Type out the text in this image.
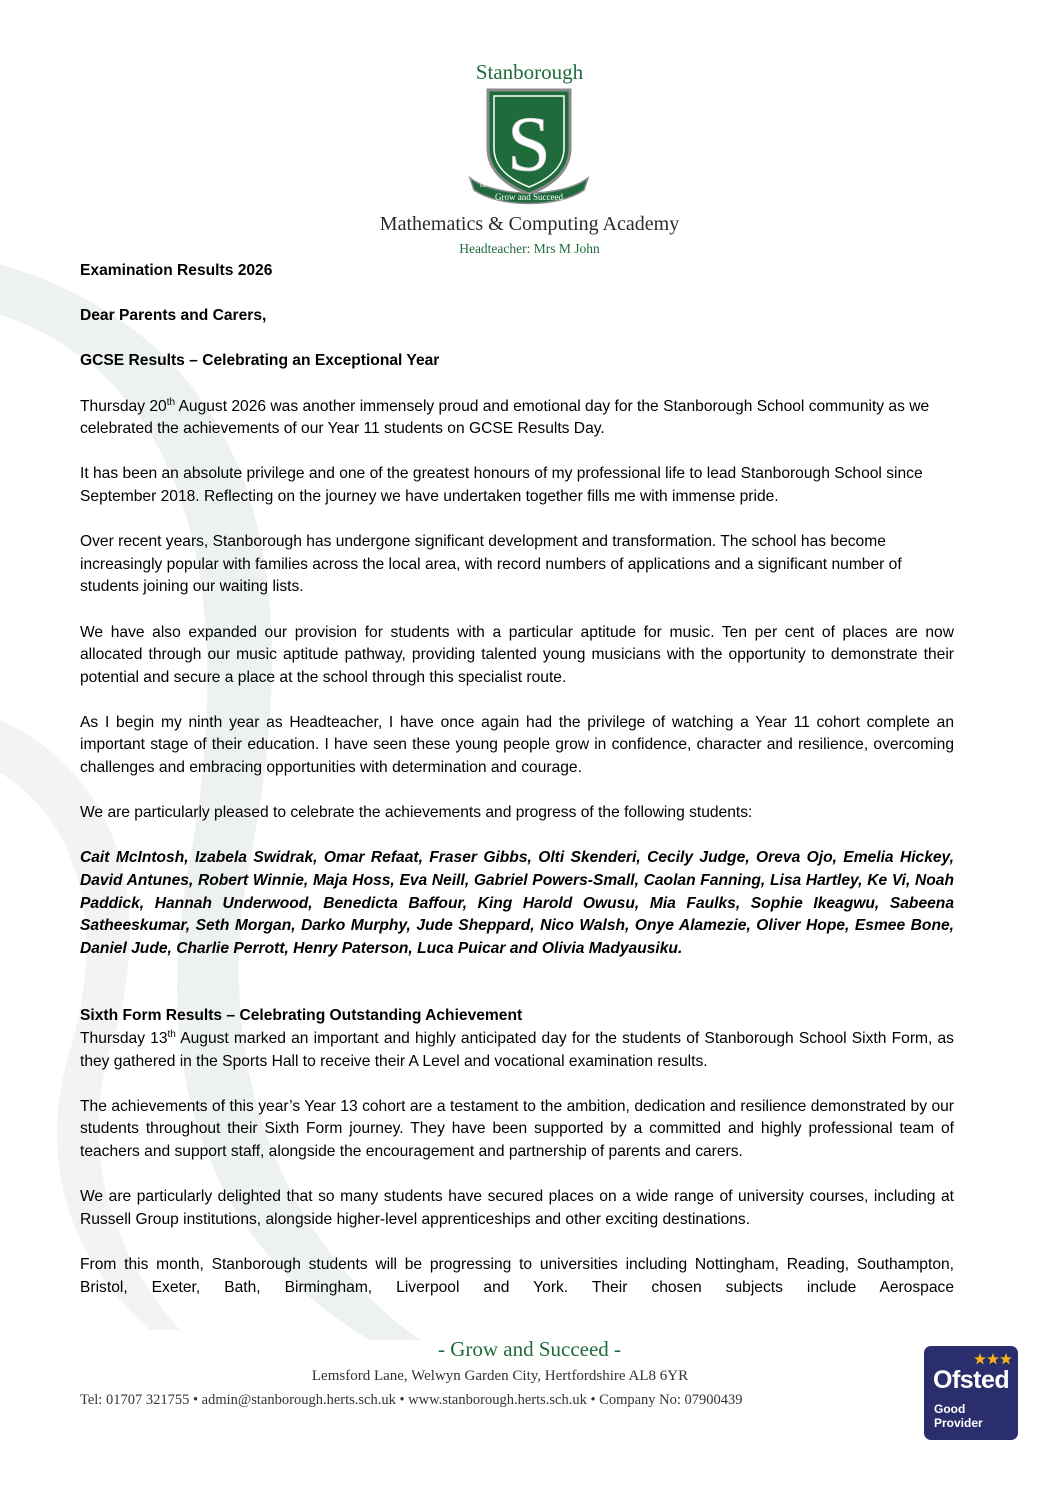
Stanborough
S
Grow and Succeed
Est
Mathematics & Computing Academy
Headteacher: Mrs M John

Examination Results 2026

Dear Parents and Carers,

GCSE Results – Celebrating an Exceptional Year

Thursday 20th August 2026 was another immensely proud and emotional day for the Stanborough School community as we celebrated the achievements of our Year 11 students on GCSE Results Day.

It has been an absolute privilege and one of the greatest honours of my professional life to lead Stanborough School since September 2018. Reflecting on the journey we have undertaken together fills me with immense pride.

Over recent years, Stanborough has undergone significant development and transformation. The school has become increasingly popular with families across the local area, with record numbers of applications and a significant number of students joining our waiting lists.

We have also expanded our provision for students with a particular aptitude for music. Ten per cent of places are now allocated through our music aptitude pathway, providing talented young musicians with the opportunity to demonstrate their potential and secure a place at the school through this specialist route.

As I begin my ninth year as Headteacher, I have once again had the privilege of watching a Year 11 cohort complete an important stage of their education. I have seen these young people grow in confidence, character and resilience, overcoming challenges and embracing opportunities with determination and courage.

We are particularly pleased to celebrate the achievements and progress of the following students:

Cait McIntosh, Izabela Swidrak, Omar Refaat, Fraser Gibbs, Olti Skenderi, Cecily Judge, Oreva Ojo, Emelia Hickey, David Antunes, Robert Winnie, Maja Hoss, Eva Neill, Gabriel Powers-Small, Caolan Fanning, Lisa Hartley, Ke Vi, Noah Paddick, Hannah Underwood, Benedicta Baffour, King Harold Owusu, Mia Faulks, Sophie Ikeagwu, Sabeena Satheeskumar, Seth Morgan, Darko Murphy, Jude Sheppard, Nico Walsh, Onye Alamezie, Oliver Hope, Esmee Bone, Daniel Jude, Charlie Perrott, Henry Paterson, Luca Puicar and Olivia Madyausiku.

Sixth Form Results – Celebrating Outstanding Achievement

Thursday 13th August marked an important and highly anticipated day for the students of Stanborough School Sixth Form, as they gathered in the Sports Hall to receive their A Level and vocational examination results.

The achievements of this year’s Year 13 cohort are a testament to the ambition, dedication and resilience demonstrated by our students throughout their Sixth Form journey. They have been supported by a committed and highly professional team of teachers and support staff, alongside the encouragement and partnership of parents and carers.

We are particularly delighted that so many students have secured places on a wide range of university courses, including at Russell Group institutions, alongside higher-level apprenticeships and other exciting destinations.

From this month, Stanborough students will be progressing to universities including Nottingham, Reading, Southampton, Bristol, Exeter, Bath, Birmingham, Liverpool and York. Their chosen subjects include Aerospace

- Grow and Succeed -
Lemsford Lane, Welwyn Garden City, Hertfordshire AL8 6YR
Tel: 01707 321755 • admin@stanborough.herts.sch.uk • www.stanborough.herts.sch.uk • Company No: 07900439
Ofsted
Good
Provider
